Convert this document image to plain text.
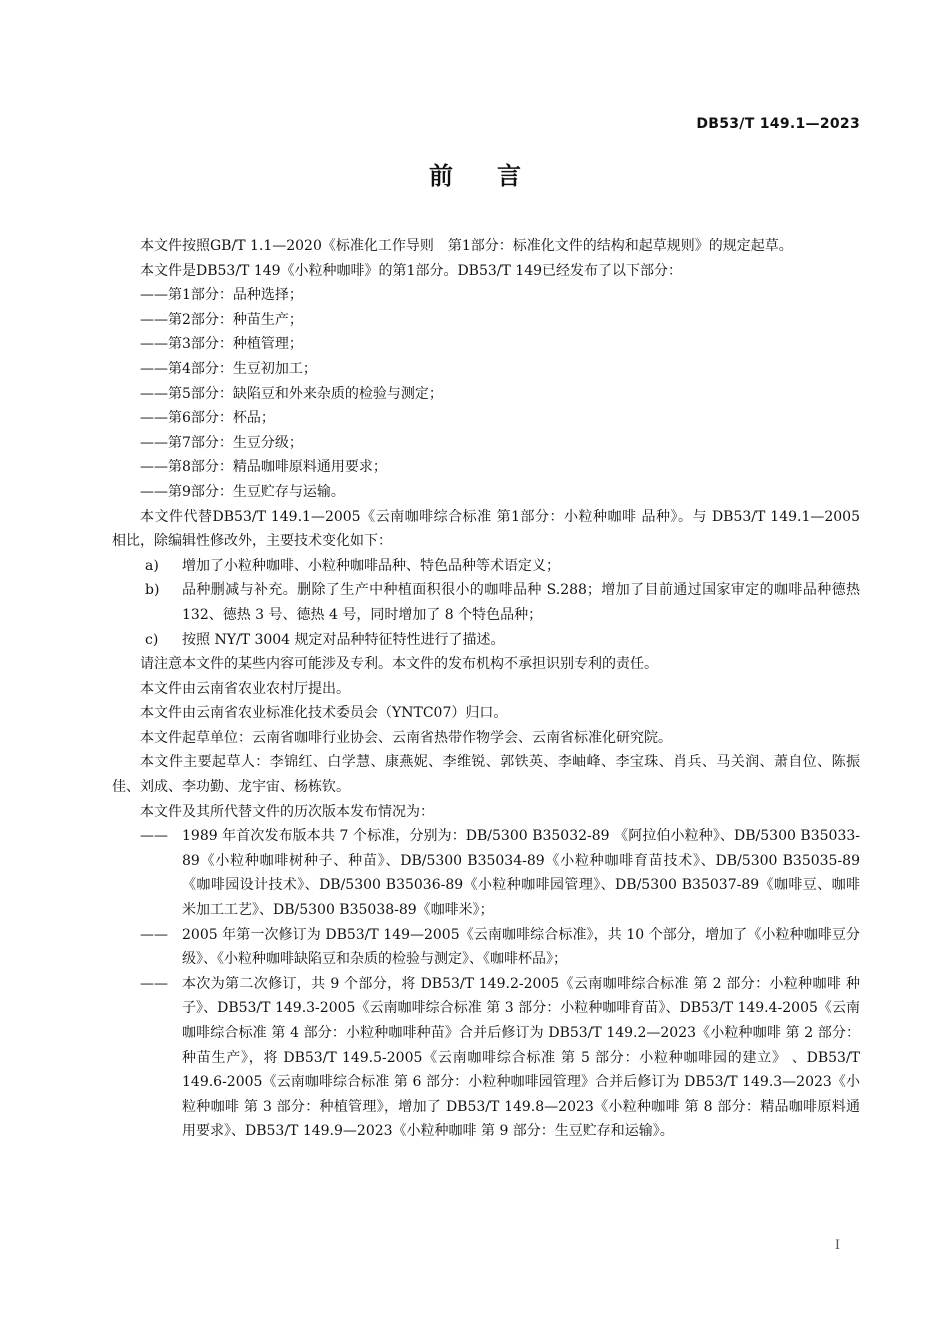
DB53/T 149.1—2023
前 言

本文件按照GB/T 1.1—2020《标准化工作导则　第1部分：标准化文件的结构和起草规则》的规定起草。

本文件是DB53/T 149《小粒种咖啡》的第1部分。DB53/T 149已经发布了以下部分：

——第1部分：品种选择；

——第2部分：种苗生产；

——第3部分：种植管理；

——第4部分：生豆初加工；

——第5部分：缺陷豆和外来杂质的检验与测定；

——第6部分：杯品；

——第7部分：生豆分级；

——第8部分：精品咖啡原料通用要求；

——第9部分：生豆贮存与运输。

本文件代替DB53/T 149.1—2005《云南咖啡综合标准 第1部分：小粒种咖啡 品种》。与 DB53/T 149.1—2005 相比，除编辑性修改外，主要技术变化如下：

a) 增加了小粒种咖啡、小粒种咖啡品种、特色品种等术语定义；
b) 品种删减与补充。删除了生产中种植面积很小的咖啡品种 S.288；增加了目前通过国家审定的咖啡品种德热 132、德热 3 号、德热 4 号，同时增加了 8 个特色品种；
c) 按照 NY/T 3004 规定对品种特征特性进行了描述。

请注意本文件的某些内容可能涉及专利。本文件的发布机构不承担识别专利的责任。

本文件由云南省农业农村厅提出。

本文件由云南省农业标准化技术委员会（YNTC07）归口。

本文件起草单位：云南省咖啡行业协会、云南省热带作物学会、云南省标准化研究院。

本文件主要起草人：李锦红、白学慧、康燕妮、李维锐、郭铁英、李岫峰、李宝珠、肖兵、马关润、萧自位、陈振佳、刘成、李功勤、龙宇宙、杨栋钦。

本文件及其所代替文件的历次版本发布情况为：

—— 1989 年首次发布版本共 7 个标准，分别为：DB/5300 B35032-89 《阿拉伯小粒种》、DB/5300 B35033-89《小粒种咖啡树种子、种苗》、DB/5300 B35034-89《小粒种咖啡育苗技术》、DB/5300 B35035-89《咖啡园设计技术》、DB/5300 B35036-89《小粒种咖啡园管理》、DB/5300 B35037-89《咖啡豆、咖啡米加工工艺》、DB/5300 B35038-89《咖啡米》；
—— 2005 年第一次修订为 DB53/T 149—2005《云南咖啡综合标准》，共 10 个部分，增加了《小粒种咖啡豆分级》、《小粒种咖啡缺陷豆和杂质的检验与测定》、《咖啡杯品》；
—— 本次为第二次修订，共 9 个部分，将 DB53/T 149.2-2005《云南咖啡综合标准 第 2 部分：小粒种咖啡 种子》、DB53/T 149.3-2005《云南咖啡综合标准 第 3 部分：小粒种咖啡育苗》、DB53/T 149.4-2005《云南咖啡综合标准 第 4 部分：小粒种咖啡种苗》合并后修订为 DB53/T 149.2—2023《小粒种咖啡 第 2 部分：种苗生产》，将 DB53/T 149.5-2005《云南咖啡综合标准 第 5 部分：小粒种咖啡园的建立》 、DB53/T 149.6-2005《云南咖啡综合标准 第 6 部分：小粒种咖啡园管理》合并后修订为 DB53/T 149.3—2023《小粒种咖啡 第 3 部分：种植管理》，增加了 DB53/T 149.8—2023《小粒种咖啡 第 8 部分：精品咖啡原料通用要求》、DB53/T 149.9—2023《小粒种咖啡 第 9 部分：生豆贮存和运输》。
I
